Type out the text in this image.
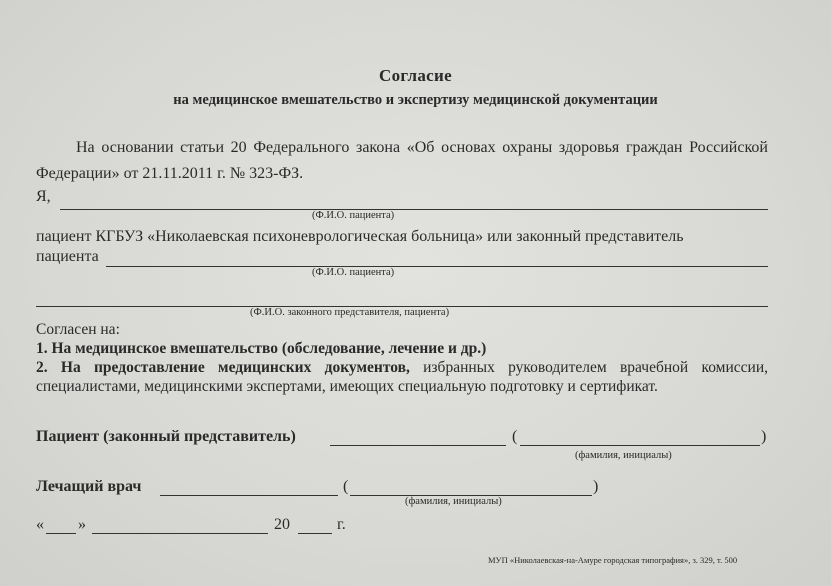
Согласие
на медицинское вмешательство и экспертизу медицинской документации
На основании статьи 20 Федерального закона «Об основах охраны здоровья граждан Российской Федерации» от 21.11.2011 г. № 323-ФЗ.
Я,
(Ф.И.О. пациента)
пациент КГБУЗ «Николаевская психоневрологическая больница» или законный представитель
пациента
(Ф.И.О. пациента)
(Ф.И.О. законного представителя, пациента)
Согласен на:
1. На медицинское вмешательство (обследование, лечение и др.)
2. На предоставление медицинских документов, избранных руководителем врачебной комиссии, специалистами, медицинскими экспертами, имеющих специальную подготовку и сертификат.
Пациент (законный представитель)	(	)
(фамилия, инициалы)
Лечащий врач	(	)
(фамилия, инициалы)
« »	20	г.
МУП «Николаевская-на-Амуре городская типография», з. 329, т. 500
